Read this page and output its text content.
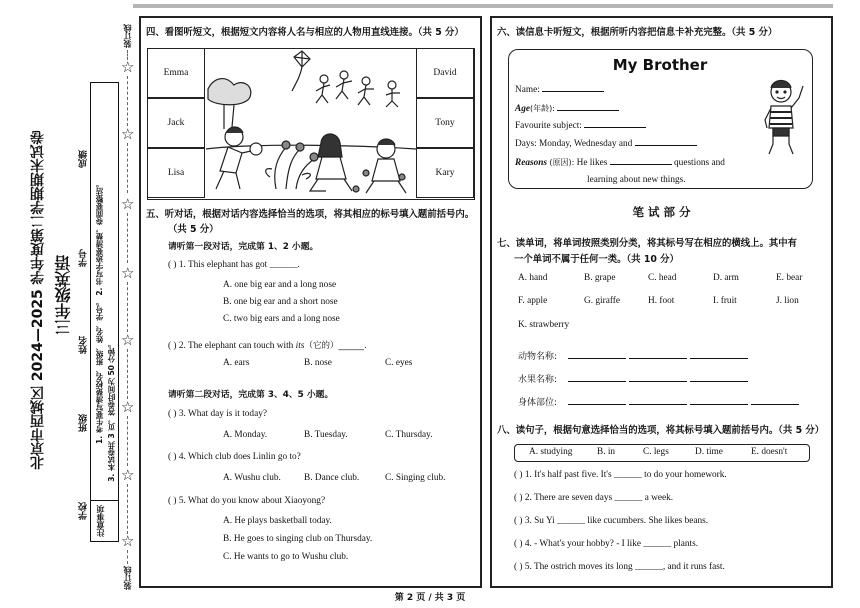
装订线
装订线
☆
☆
☆
☆
☆
☆
☆
☆
北京市西城区 2024—2025 学年度第二学期期末试卷 三年级英语
学校
班级
姓名
学号
成绩
注意事项
1. 考生要写清楚校名、班级、姓名、学号。 2. 书写字迹要清楚，卷面要整洁。 3. 本试卷共 3 页，答卷时间为 50 分钟。
四、看图听短文，根据短文内容将人名与相应的人物用直线连接。（共 5 分）
Emma
Jack
Lisa
David
Tony
Kary
五、听对话，根据对话内容选择恰当的选项，将其相应的标号填入题前括号内。
（共 5 分）
请听第一段对话，完成第 1、2 小题。
( ) 1. This elephant has got ______.
A. one big ear and a long nose
B. one big ear and a short nose
C. two big ears and a long nose
( ) 2. The elephant can touch with its（它的）______.
A. ears	B. nose	C. eyes
请听第二段对话，完成第 3、4、5 小题。
( ) 3. What day is it today?
A. Monday.	B. Tuesday.	C. Thursday.
( ) 4. Which club does Linlin go to?
A. Wushu club. B. Dance club.	C. Singing club.
( ) 5. What do you know about Xiaoyong?
A. He plays basketball today.
B. He goes to singing club on Thursday.
C. He wants to go to Wushu club.
六、读信息卡听短文，根据所听内容把信息卡补充完整。（共 5 分）
My Brother
Name:
Age(年龄):
Favourite subject:
Days: Monday, Wednesday and
Reasons (原因): He likes	questions and
learning about new things.
笔 试 部 分
七、读单词，将单词按照类别分类，将其标号写在相应的横线上。其中有
一个单词不属于任何一类。（共 10 分）
A. hand	B. grape	C. head	D. arm	E. bear
F. apple	G. giraffe	H. foot	I. fruit	J. lion
K. strawberry
动物名称:
水果名称:
身体部位:
八、读句子，根据句意选择恰当的选项，将其标号填入题前括号内。（共 5 分）
A. studying	B. in	C. legs	D. time	E. doesn't
( ) 1. It's half past five. It's ______ to do your homework.
( ) 2. There are seven days ______ a week.
( ) 3. Su Yi ______ like cucumbers. She likes beans.
( ) 4. - What's your hobby? - I like ______ plants.
( ) 5. The ostrich moves its long ______, and it runs fast.
第 2 页 / 共 3 页
